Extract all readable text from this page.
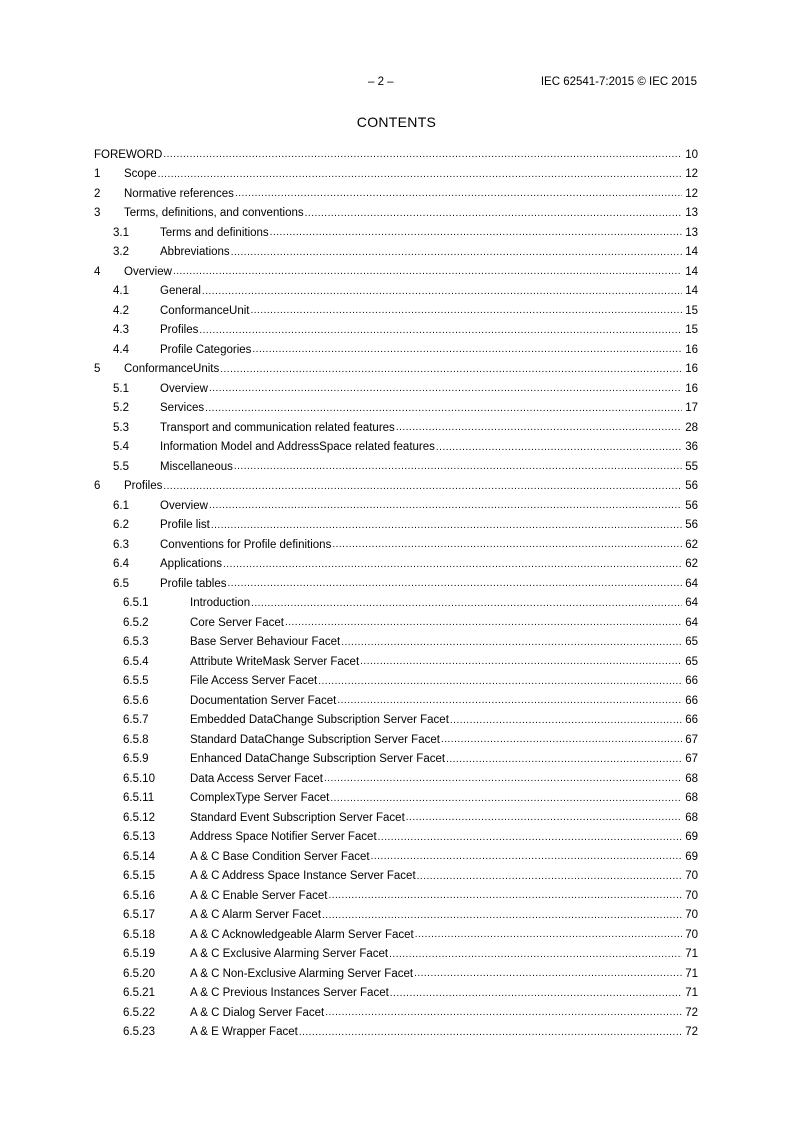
– 2 –	IEC 62541-7:2015 © IEC 2015
CONTENTS
FOREWORD .....	10
1	Scope .....	12
2	Normative references .....	12
3	Terms, definitions, and conventions .....	13
3.1	Terms and definitions .....	13
3.2	Abbreviations .....	14
4	Overview .....	14
4.1	General .....	14
4.2	ConformanceUnit .....	15
4.3	Profiles .....	15
4.4	Profile Categories .....	16
5	ConformanceUnits .....	16
5.1	Overview .....	16
5.2	Services .....	17
5.3	Transport and communication related features .....	28
5.4	Information Model and AddressSpace related features .....	36
5.5	Miscellaneous .....	55
6	Profiles .....	56
6.1	Overview .....	56
6.2	Profile list .....	56
6.3	Conventions for Profile definitions .....	62
6.4	Applications .....	62
6.5	Profile tables .....	64
6.5.1	Introduction .....	64
6.5.2	Core Server Facet .....	64
6.5.3	Base Server Behaviour Facet .....	65
6.5.4	Attribute WriteMask Server Facet .....	65
6.5.5	File Access Server Facet .....	66
6.5.6	Documentation Server Facet .....	66
6.5.7	Embedded DataChange Subscription Server Facet .....	66
6.5.8	Standard DataChange Subscription Server Facet .....	67
6.5.9	Enhanced DataChange Subscription Server Facet .....	67
6.5.10	Data Access Server Facet .....	68
6.5.11	ComplexType Server Facet .....	68
6.5.12	Standard Event Subscription Server Facet .....	68
6.5.13	Address Space Notifier Server Facet .....	69
6.5.14	A & C Base Condition Server Facet .....	69
6.5.15	A & C Address Space Instance Server Facet .....	70
6.5.16	A & C Enable Server Facet .....	70
6.5.17	A & C Alarm Server Facet .....	70
6.5.18	A & C Acknowledgeable Alarm Server Facet .....	70
6.5.19	A & C Exclusive Alarming Server Facet .....	71
6.5.20	A & C Non-Exclusive Alarming Server Facet .....	71
6.5.21	A & C Previous Instances Server Facet .....	71
6.5.22	A & C Dialog Server Facet .....	72
6.5.23	A & E Wrapper Facet .....	72
